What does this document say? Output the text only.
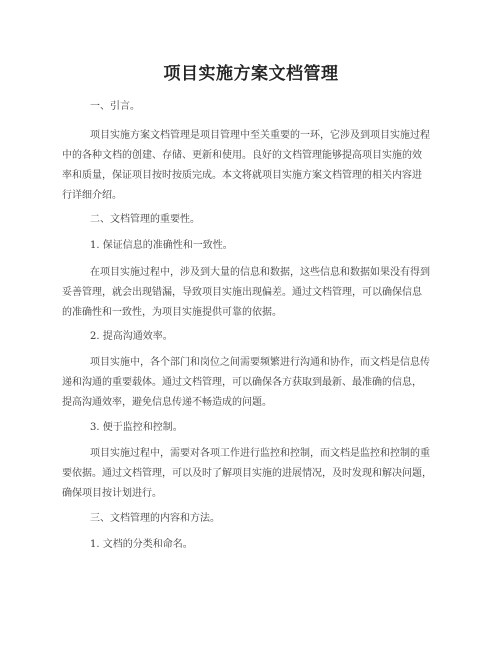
项目实施方案文档管理
一、引言。
项目实施方案文档管理是项目管理中至关重要的一环，它涉及到项目实施过程
中的各种文档的创建、存储、更新和使用。良好的文档管理能够提高项目实施的效
率和质量，保证项目按时按质完成。本文将就项目实施方案文档管理的相关内容进
行详细介绍。
二、文档管理的重要性。
1. 保证信息的准确性和一致性。
在项目实施过程中，涉及到大量的信息和数据，这些信息和数据如果没有得到
妥善管理，就会出现错漏，导致项目实施出现偏差。通过文档管理，可以确保信息
的准确性和一致性，为项目实施提供可靠的依据。
2. 提高沟通效率。
项目实施中，各个部门和岗位之间需要频繁进行沟通和协作，而文档是信息传
递和沟通的重要载体。通过文档管理，可以确保各方获取到最新、最准确的信息，
提高沟通效率，避免信息传递不畅造成的问题。
3. 便于监控和控制。
项目实施过程中，需要对各项工作进行监控和控制，而文档是监控和控制的重
要依据。通过文档管理，可以及时了解项目实施的进展情况，及时发现和解决问题，
确保项目按计划进行。
三、文档管理的内容和方法。
1. 文档的分类和命名。
